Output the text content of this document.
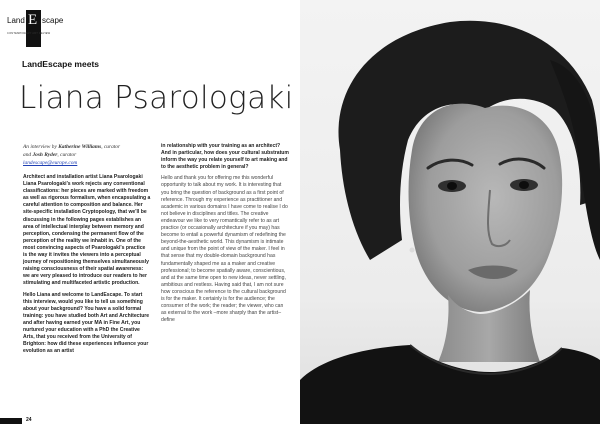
Land E scape
CONTEMPORARY ART REVIEW
LandEscape meets
Liana Psarologaki

An interview by Katherine Williams, curator
and Josh Ryder, curator
landescape@europe.com

Architect and installation artist Liana Psarologaki Liana Psarologaki's work rejects any conventional classifications: her pieces are marked with freedom as well as rigorous formalism, when encapsulating a careful attention to composition and balance. Her site-specific installation Cryptopology, that we'll be discussing in the following pages establishes an area of intellectual interplay between memory and perception, condensing the permanent flow of the perception of the reality we inhabit in. One of the most convincing aspects of Psarologaki's practice is the way it invites the viewers into a perceptual journey of repositioning themselves simultaneously raising consciousness of their spatial awareness: we are very pleased to introduce our readers to her stimulating and multifaceted artistic production.

Hello Liana and welcome to LandEscape. To start this interview, would you like to tell us something about your background? You have a solid formal training: you have studied both Art and Architecture and after having earned your MA in Fine Art, you nurtured your education with a PhD the Creative Arts, that you received from the University of Brighton: how did these experiences influence your evolution as an artist

in relationship with your training as an architect? And in particular, how does your cultural substratum inform the way you relate yourself to art making and to the aesthetic problem in general?

Hello and thank you for offering me this wonderful opportunity to talk about my work. It is interesting that you bring the question of background as a first point of reference. Through my experience as practitioner and academic in various domains I have come to realise I do not believe in disciplines and titles. The creative endeavour we like to very romantically refer to as art practice (or occasionally architecture if you may) has become to entail a powerful dynamism of redefining the beyond-the-aesthetic world. This dynamism is intimate and unique from the point of view of the maker. I feel in that sense that my double-domain background has fundamentally shaped me as a maker and creative professional; to become spatially aware, conscientious, and at the same time open to new ideas, never settling, ambitious and restless. Having said that, I am not sure how conscious the reference to the cultural background is for the maker. It certainly is for the audience; the consumer of the work; the reader; the viewer, who can as external to the work –more sharply than the artist– define

24
